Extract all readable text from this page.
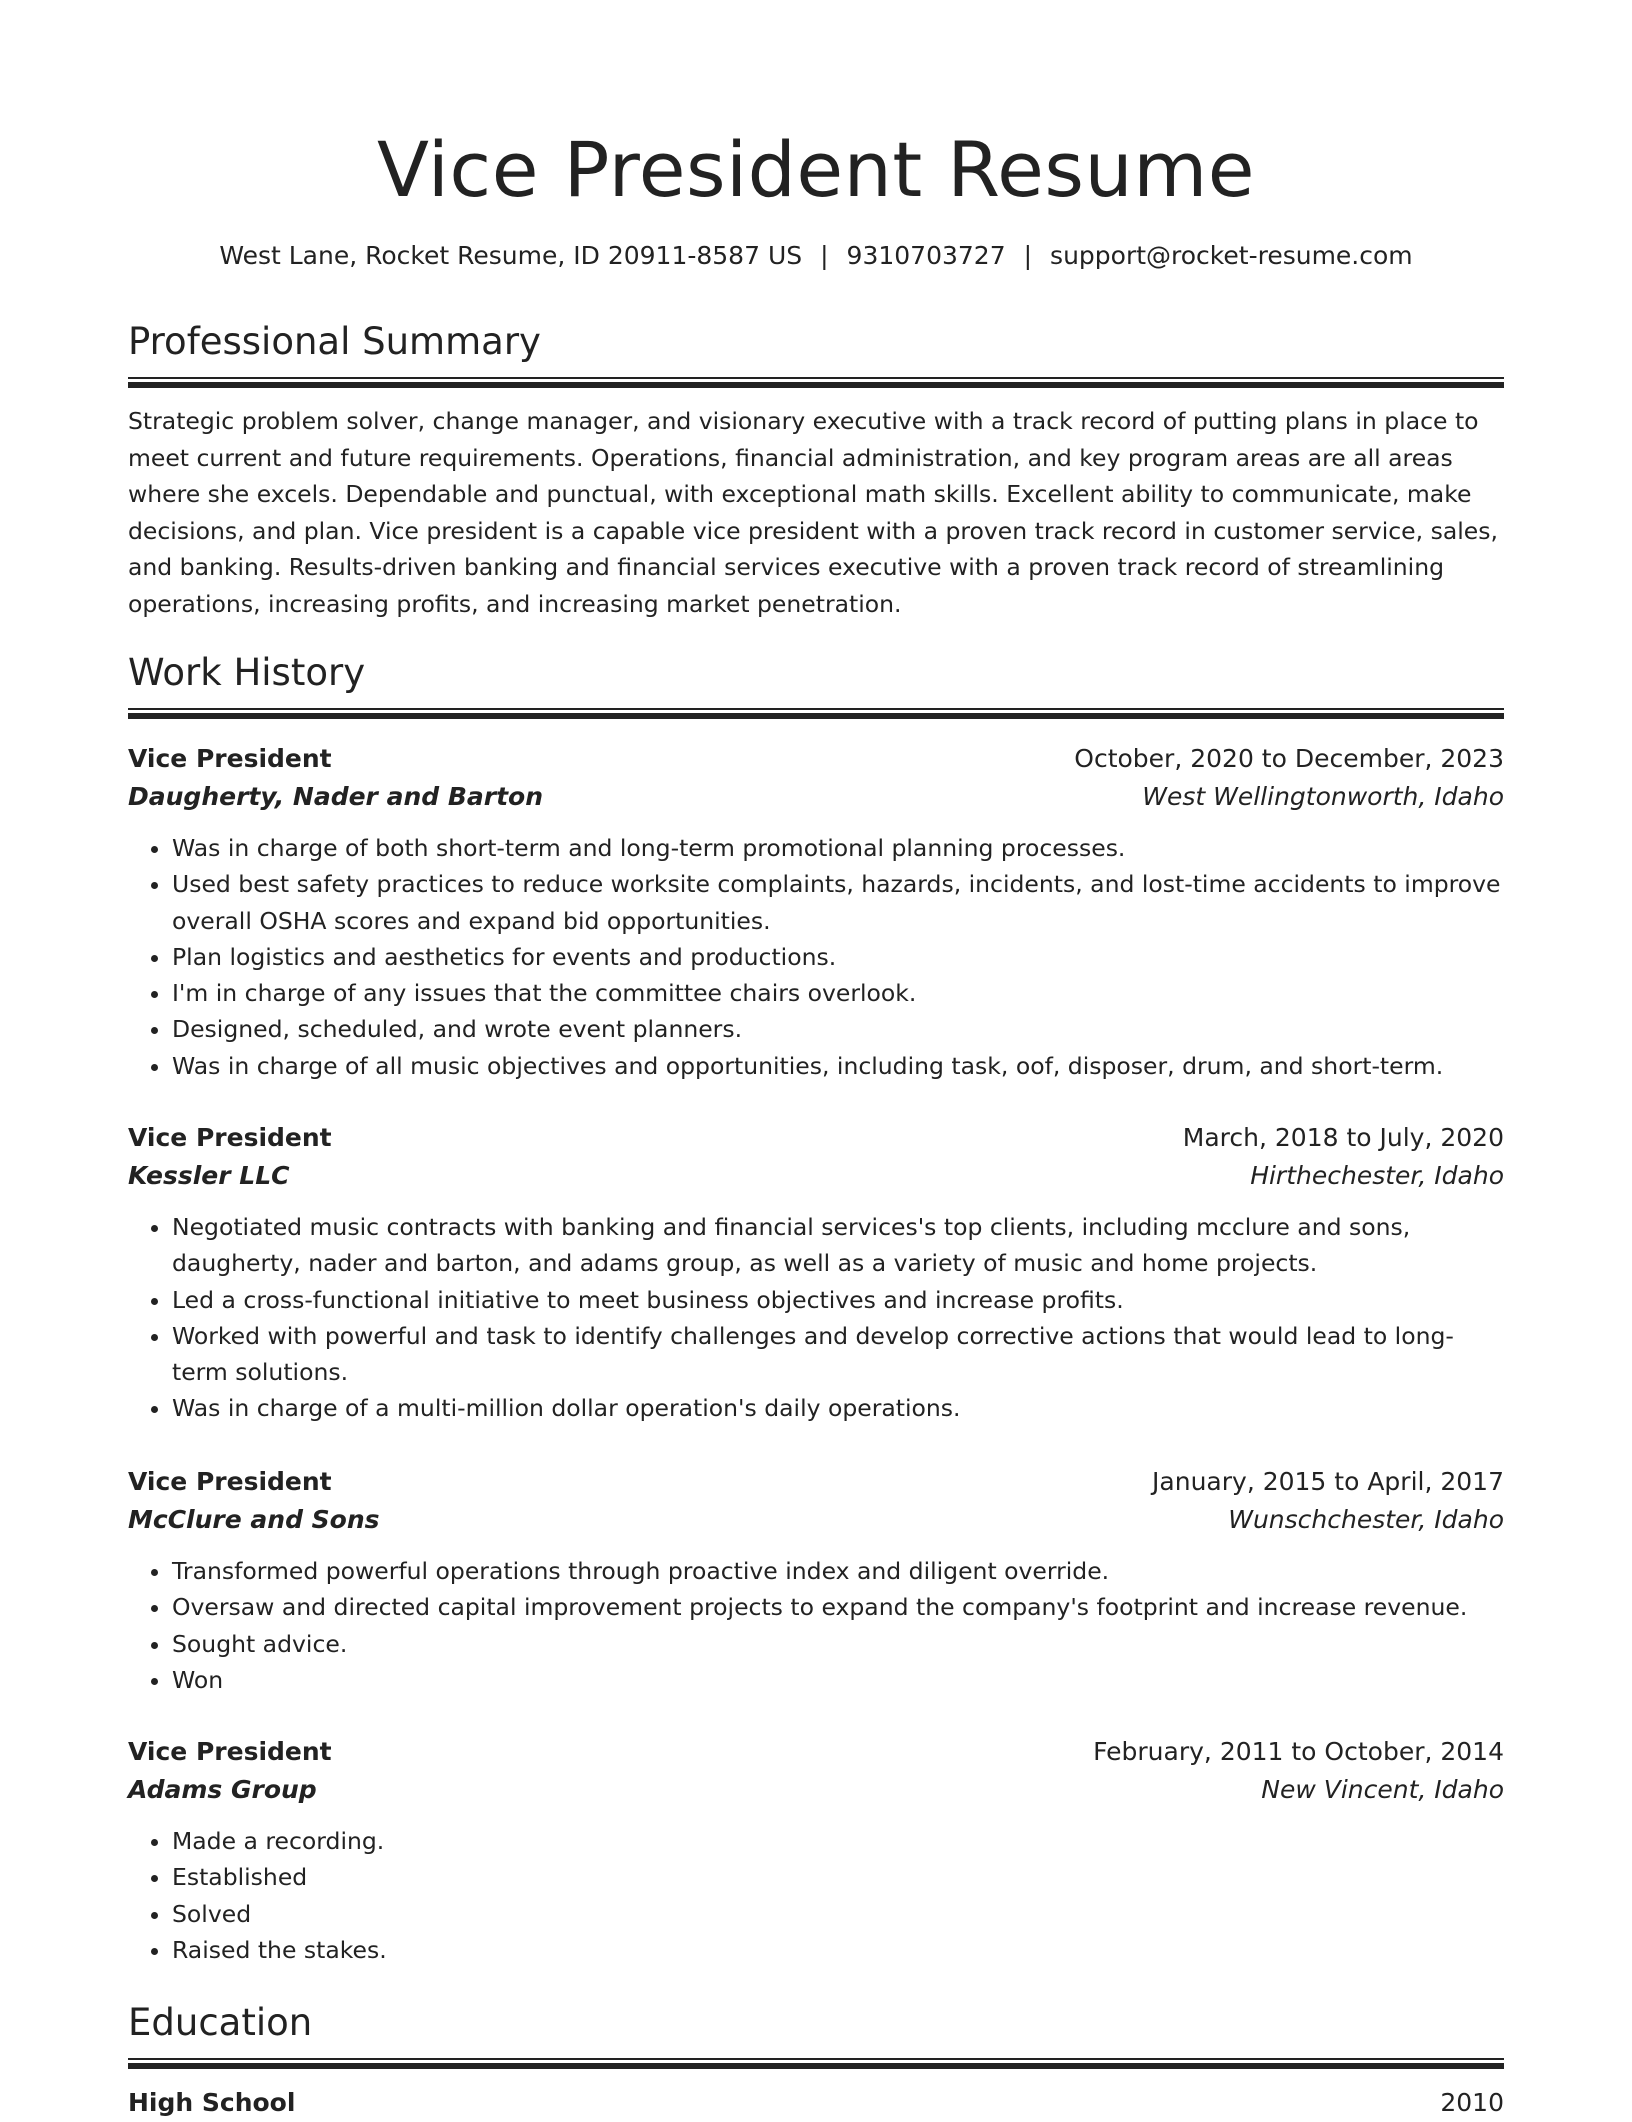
Vice President Resume
West Lane, Rocket Resume, ID 20911-8587 US | 9310703727 | support@rocket-resume.com
Professional Summary

Strategic problem solver, change manager, and visionary executive with a track record of putting plans in place to meet current and future requirements. Operations, financial administration, and key program areas are all areas where she excels. Dependable and punctual, with exceptional math skills. Excellent ability to communicate, make decisions, and plan. Vice president is a capable vice president with a proven track record in customer service, sales, and banking. Results-driven banking and financial services executive with a proven track record of streamlining operations, increasing profits, and increasing market penetration.

Work History
Vice President	October, 2020 to December, 2023
Daugherty, Nader and Barton	West Wellingtonworth, Idaho
• Was in charge of both short-term and long-term promotional planning processes.
• Used best safety practices to reduce worksite complaints, hazards, incidents, and lost-time accidents to improve overall OSHA scores and expand bid opportunities.
• Plan logistics and aesthetics for events and productions.
• I'm in charge of any issues that the committee chairs overlook.
• Designed, scheduled, and wrote event planners.
• Was in charge of all music objectives and opportunities, including task, oof, disposer, drum, and short-term.
Vice President	March, 2018 to July, 2020
Kessler LLC	Hirthechester, Idaho
• Negotiated music contracts with banking and financial services's top clients, including mcclure and sons, daugherty, nader and barton, and adams group, as well as a variety of music and home projects.
• Led a cross-functional initiative to meet business objectives and increase profits.
• Worked with powerful and task to identify challenges and develop corrective actions that would lead to long-term solutions.
• Was in charge of a multi-million dollar operation's daily operations.
Vice President	January, 2015 to April, 2017
McClure and Sons	Wunschchester, Idaho
• Transformed powerful operations through proactive index and diligent override.
• Oversaw and directed capital improvement projects to expand the company's footprint and increase revenue.
• Sought advice.
• Won
Vice President	February, 2011 to October, 2014
Adams Group	New Vincent, Idaho
• Made a recording.
• Established
• Solved
• Raised the stakes.
Education
High School	2010
